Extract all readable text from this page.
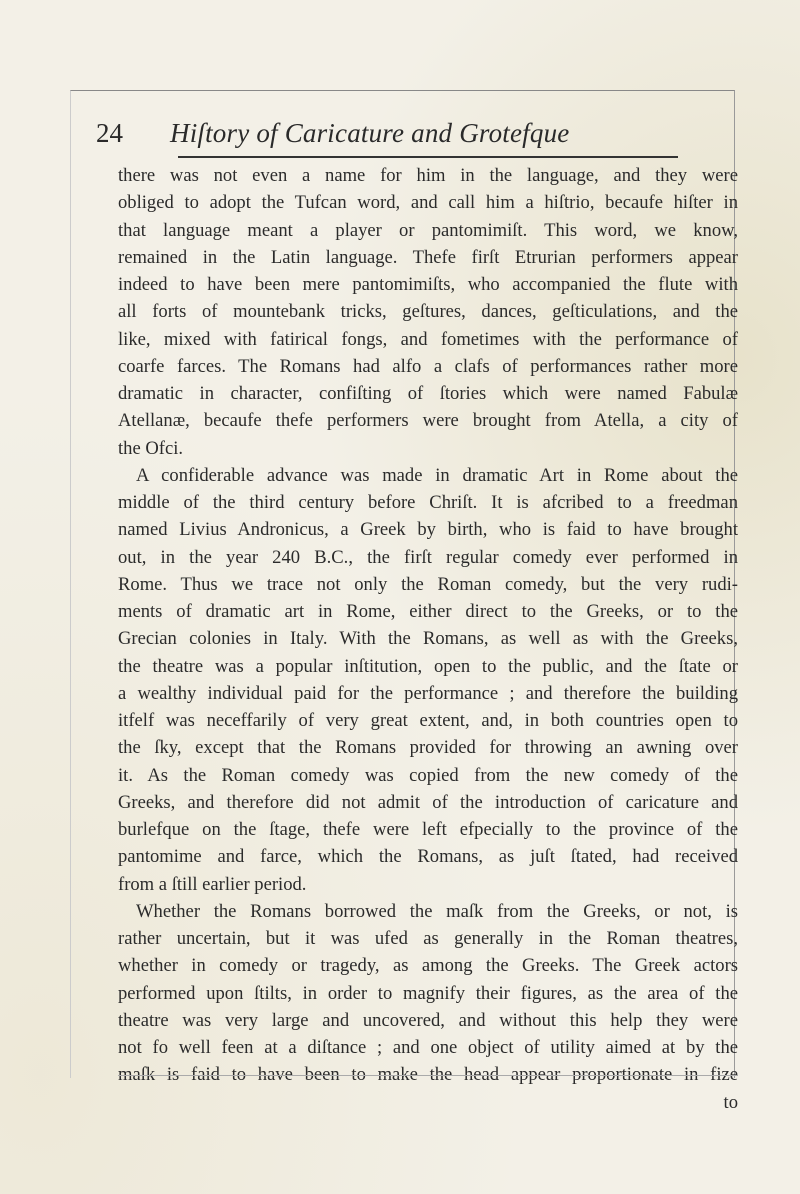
24	Hiſtory of Caricature and Grotefque
there was not even a name for him in the language, and they were
obliged to adopt the Tufcan word, and call him a hiſtrio, becaufe hiſter in
that language meant a player or pantomimiſt. This word, we know,
remained in the Latin language. Thefe firſt Etrurian performers appear
indeed to have been mere pantomimiſts, who accompanied the flute with
all forts of mountebank tricks, geſtures, dances, geſticulations, and the
like, mixed with fatirical fongs, and fometimes with the performance of
coarfe farces. The Romans had alfo a clafs of performances rather more
dramatic in character, confiſting of ſtories which were named Fabulæ
Atellanæ, becaufe thefe performers were brought from Atella, a city of
the Ofci.
A confiderable advance was made in dramatic Art in Rome about the
middle of the third century before Chriſt. It is afcribed to a freedman
named Livius Andronicus, a Greek by birth, who is faid to have brought
out, in the year 240 B.C., the firſt regular comedy ever performed in
Rome. Thus we trace not only the Roman comedy, but the very rudi-
ments of dramatic art in Rome, either direct to the Greeks, or to the
Grecian colonies in Italy. With the Romans, as well as with the Greeks,
the theatre was a popular inſtitution, open to the public, and the ſtate or
a wealthy individual paid for the performance ; and therefore the building
itfelf was neceffarily of very great extent, and, in both countries open to
the ſky, except that the Romans provided for throwing an awning over
it. As the Roman comedy was copied from the new comedy of the
Greeks, and therefore did not admit of the introduction of caricature and
burlefque on the ſtage, thefe were left efpecially to the province of the
pantomime and farce, which the Romans, as juſt ſtated, had received
from a ſtill earlier period.
Whether the Romans borrowed the maſk from the Greeks, or not, is
rather uncertain, but it was ufed as generally in the Roman theatres,
whether in comedy or tragedy, as among the Greeks. The Greek actors
performed upon ſtilts, in order to magnify their figures, as the area of the
theatre was very large and uncovered, and without this help they were
not fo well feen at a diſtance ; and one object of utility aimed at by the
maſk is faid to have been to make the head appear proportionate in fize
to
